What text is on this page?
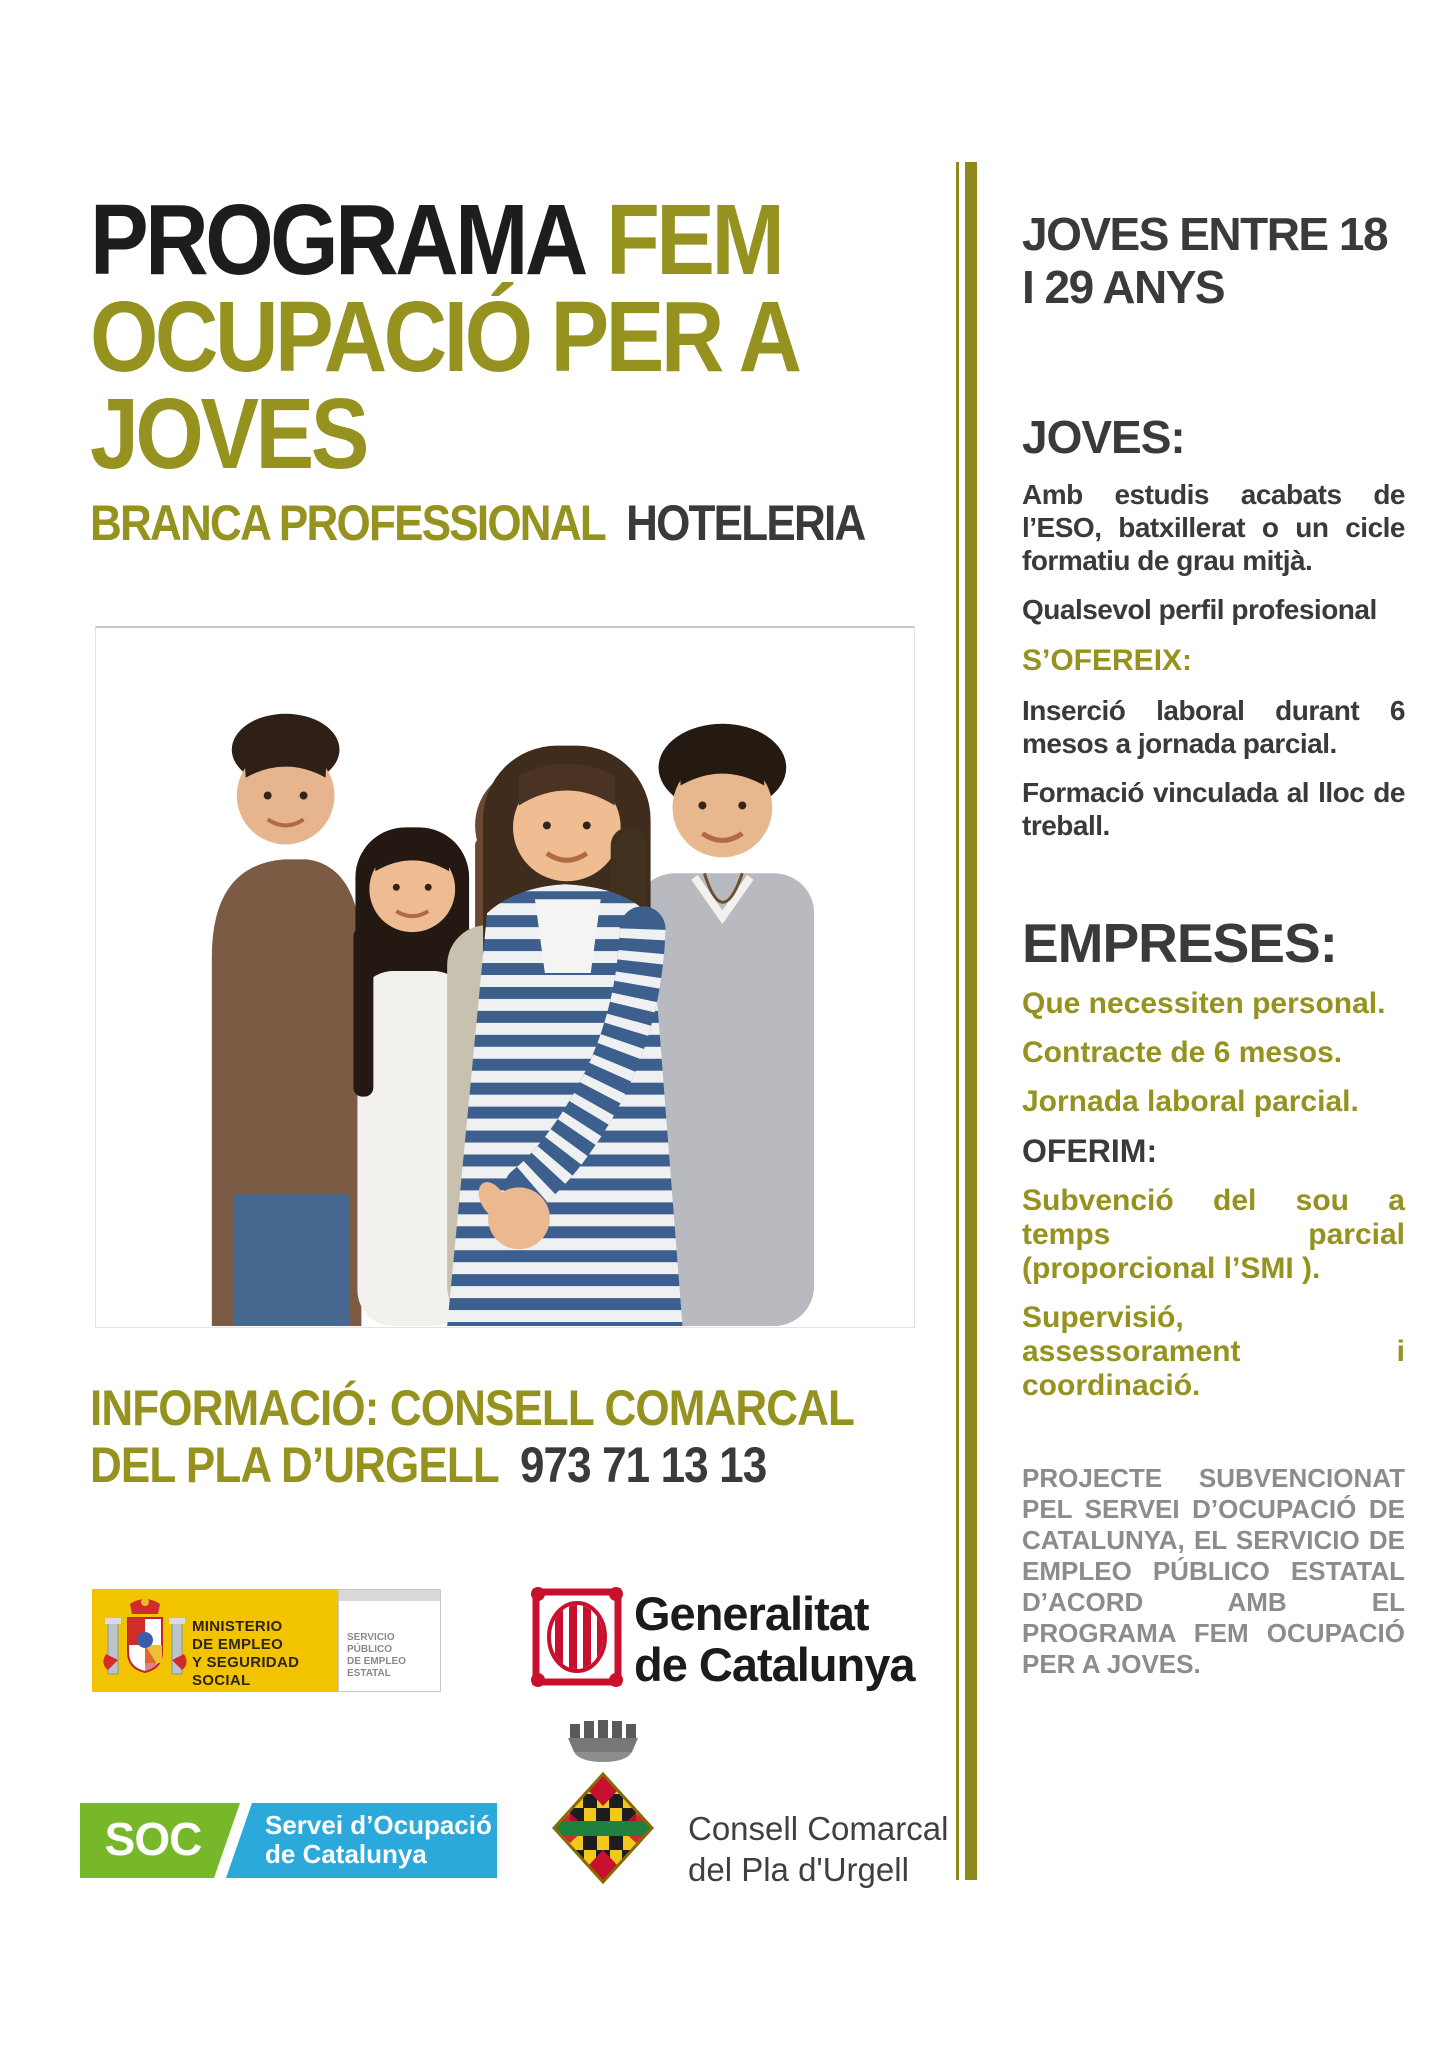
PROGRAMA FEM
OCUPACIÓ PER A
JOVES
BRANCA PROFESSIONAL HOTELERIA
INFORMACIÓ: CONSELL COMARCAL
DEL PLA D’URGELL 973 71 13 13
MINISTERIO
DE EMPLEO
Y SEGURIDAD SOCIAL
SERVICIO PÚBLICO
DE EMPLEO ESTATAL
Generalitat
de Catalunya
SOC Servei d’Ocupació
de Catalunya
Consell Comarcal
del Pla d'Urgell
JOVES ENTRE 18 I 29 ANYS
JOVES:

Amb estudis acabats de l’ESO, batxillerat o un cicle formatiu de grau mitjà.

Qualsevol perfil profesional

S’OFEREIX:

Inserció laboral durant 6 mesos a jornada parcial.

Formació vinculada al lloc de treball.

EMPRESES:

Que necessiten personal.

Contracte de 6 mesos.

Jornada laboral parcial.

OFERIM:

Subvenció del sou a temps parcial (proporcional l’SMI ).

Supervisió, assessorament i coordinació.

PROJECTE SUBVENCIONAT PEL SERVEI D’OCUPACIÓ DE CATALUNYA, EL SERVICIO DE EMPLEO PÚBLICO ESTATAL D’ACORD AMB EL PROGRAMA FEM OCUPACIÓ PER A JOVES.
